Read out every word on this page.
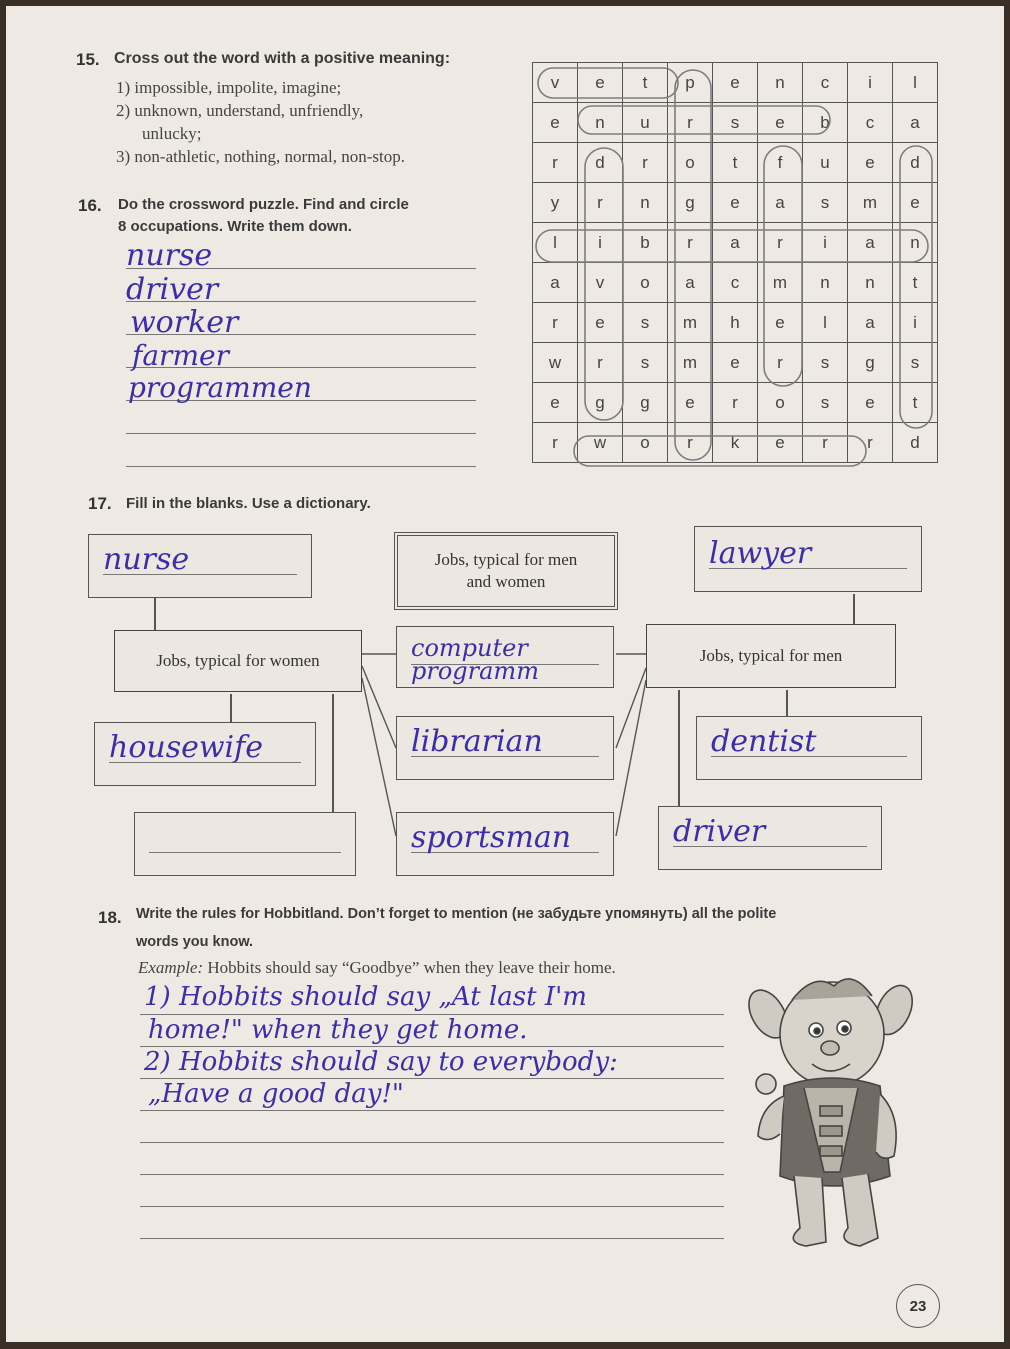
15. Cross out the word with a positive meaning:
1) impossible, impolite, imagine;
2) unknown, understand, unfriendly,
unlucky;
3) non-athletic, nothing, normal, non-stop.
16. Do the crossword puzzle. Find and circle
8 occupations. Write them down.
nurse
driver
worker
farmer
programmen
v	e	t	p	e	n	c	i	l
e	n	u	r	s	e	b	c	a
r	d	r	o	t	f	u	e	d
y	r	n	g	e	a	s	m	e
l	i	b	r	a	r	i	a	n
a	v	o	a	c	m	n	n	t
r	e	s	m	h	e	l	a	i
w	r	s	m	e	r	s	g	s
e	g	g	e	r	o	s	e	t
r	w	o	r	k	e	r	r	d
17. Fill in the blanks. Use a dictionary.
nurse
Jobs, typical for women
housewife
Jobs, typical for men and women
computer programm
librarian
sportsman
lawyer
Jobs, typical for men
dentist
driver
18. Write the rules for Hobbitland. Don’t forget to mention (не забудьте упомянуть) all the polite
words you know.
Example: Hobbits should say “Goodbye” when they leave their home.
1) Hobbits should say „At last I'm
home!" when they get home.
2) Hobbits should say to everybody:
„Have a good day!"
23
